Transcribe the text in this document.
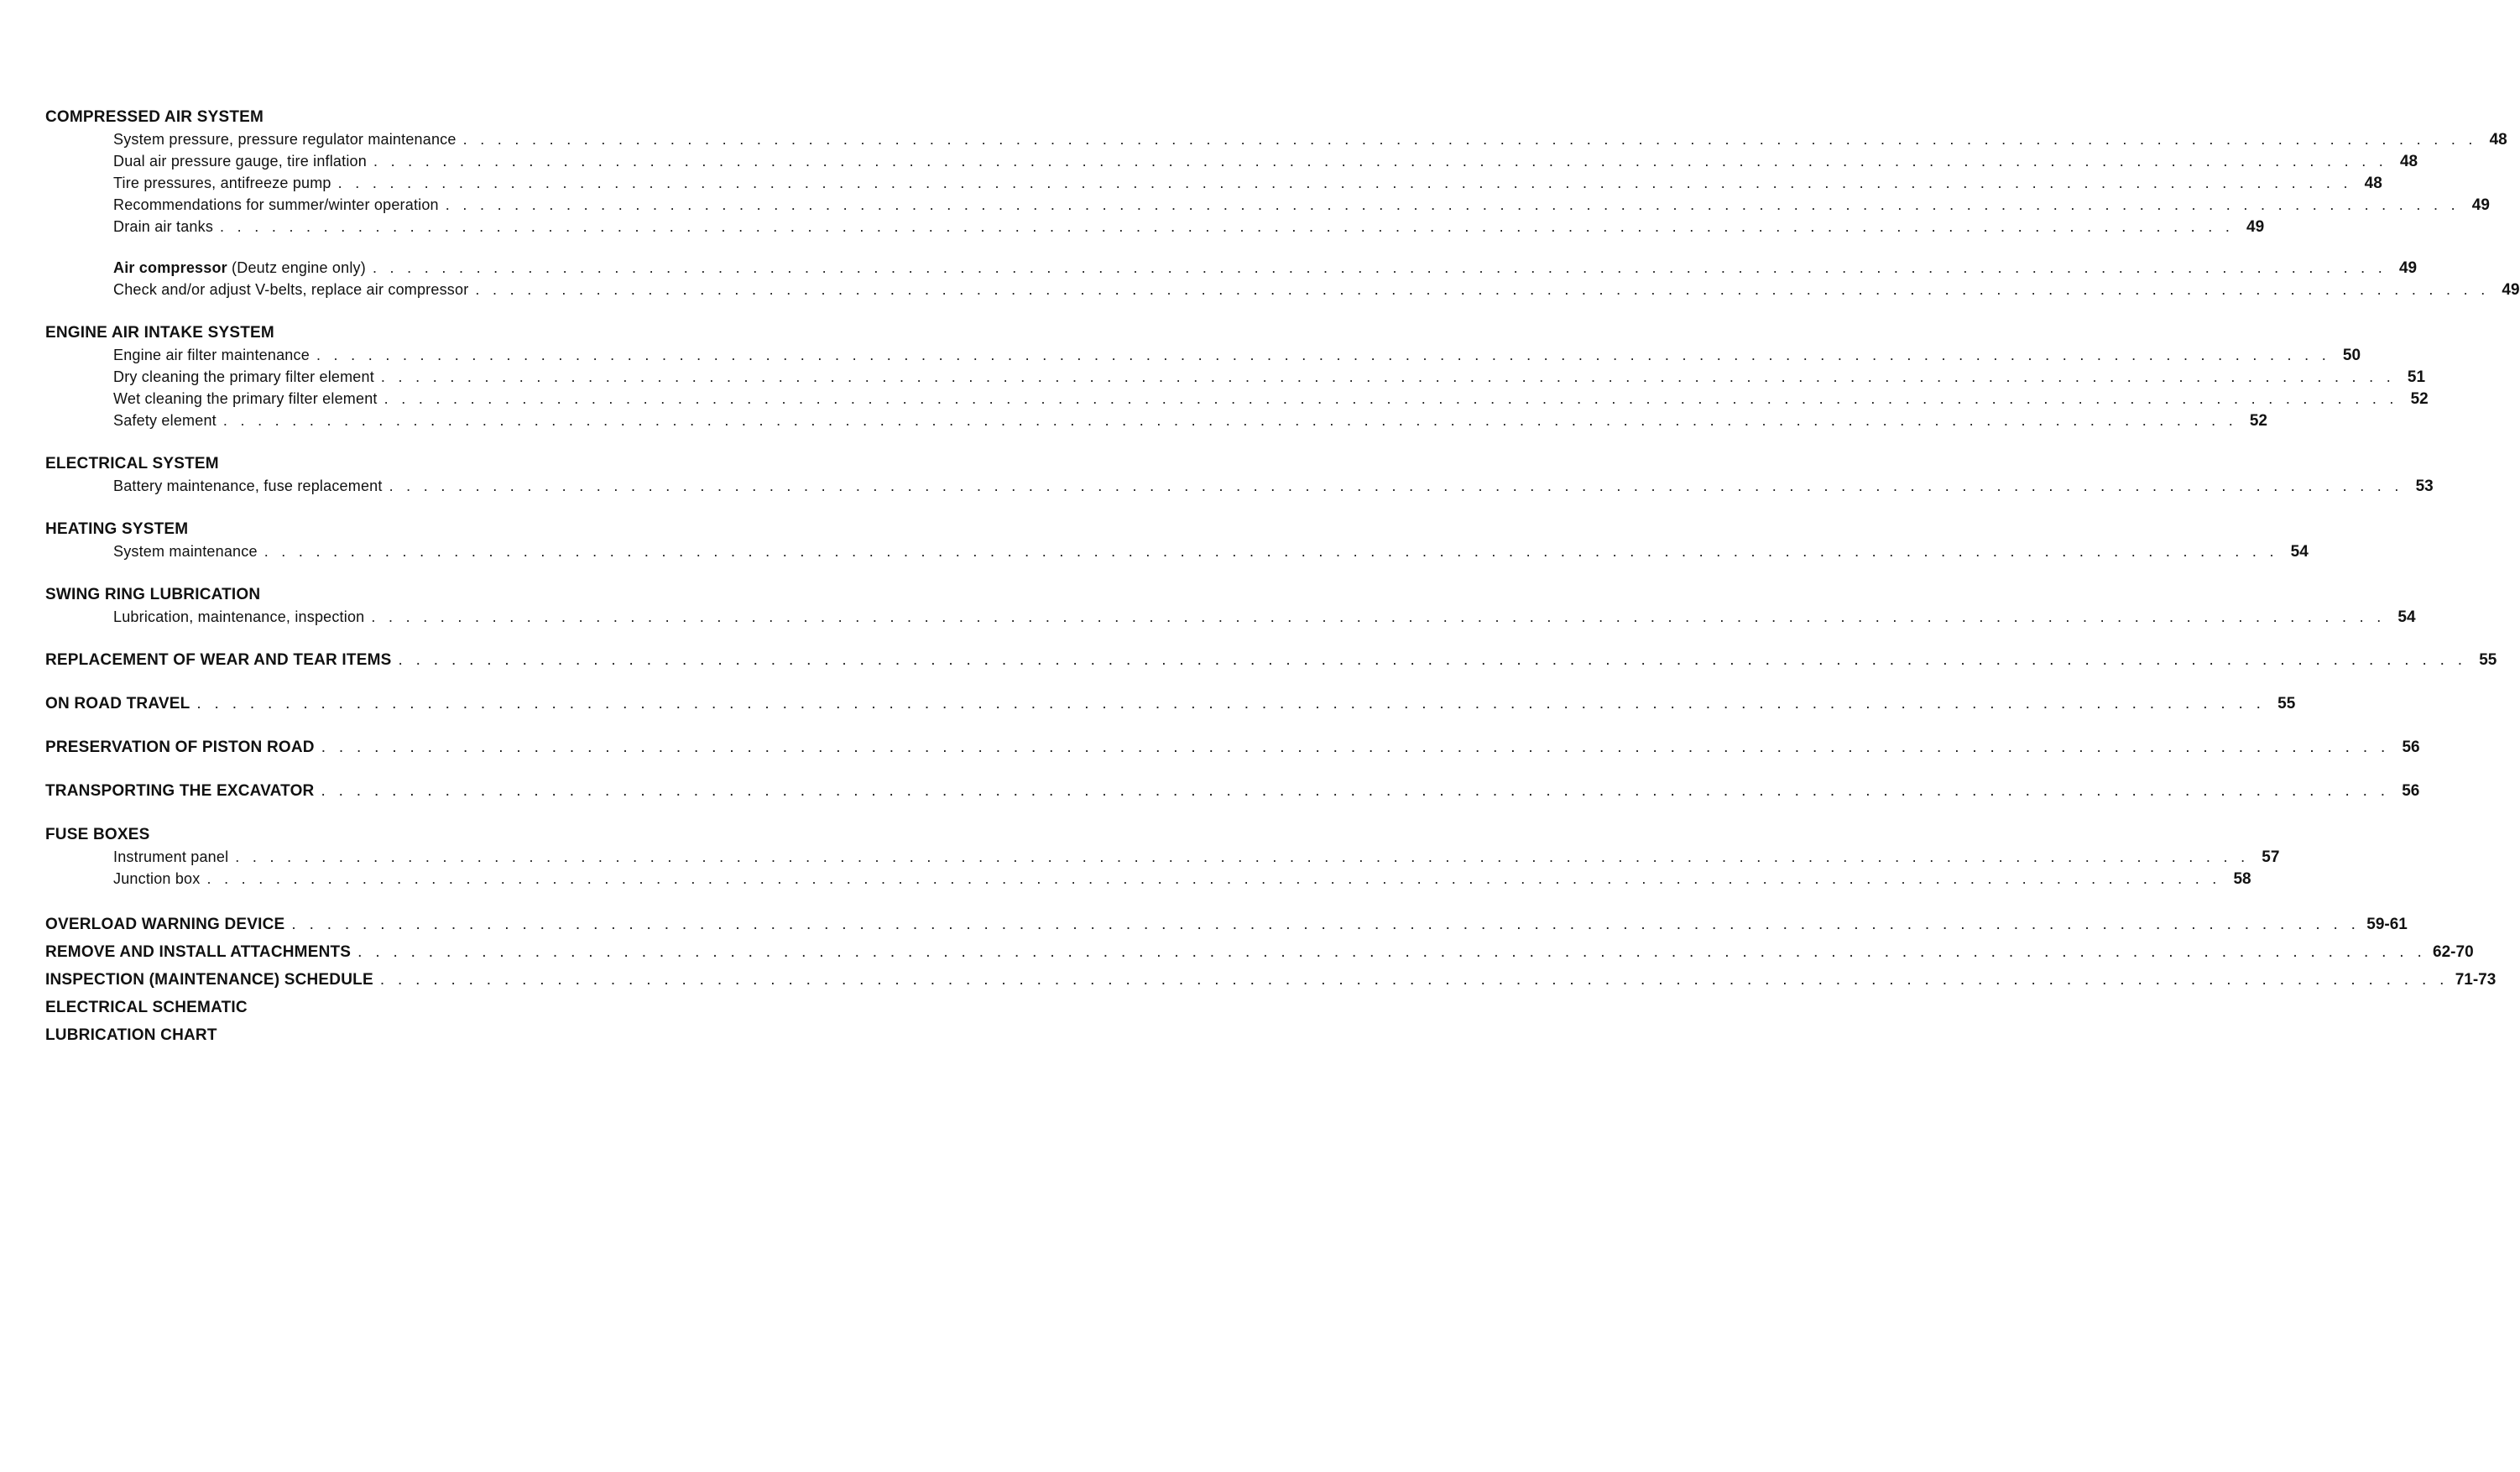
COMPRESSED AIR SYSTEM
System pressure, pressure regulator maintenance . . . . . . . . . . . . . . . . . . . . . . . . . . . . . . . . . . . . . . . . . . . . . . . . . . . . . . . . . . . . . . . . . . . . . . . . . . . . . . . . . . . . . . . . . . . . . . . . . . . . . . . . . . . . . . . . . . . . . 48
Dual air pressure gauge, tire inflation . . . . . . . . . . . . . . . . . . . . . . . . . . . . . . . . . . . . . . . . . . . . . . . . . . . . . . . . . . . . . . . . . . . . . . . . . . . . . . . . . . . . . . . . . . . . . . . . . . . . . . . . . . . . . . . . . . . . . 48
Tire pressures, antifreeze pump . . . . . . . . . . . . . . . . . . . . . . . . . . . . . . . . . . . . . . . . . . . . . . . . . . . . . . . . . . . . . . . . . . . . . . . . . . . . . . . . . . . . . . . . . . . . . . . . . . . . . . . . . . . . . . . . . . . . . 48
Recommendations for summer/winter operation . . . . . . . . . . . . . . . . . . . . . . . . . . . . . . . . . . . . . . . . . . . . . . . . . . . . . . . . . . . . . . . . . . . . . . . . . . . . . . . . . . . . . . . . . . . . . . . . . . . . . . . . . . . . . . . . . . . . . 49
Drain air tanks . . . . . . . . . . . . . . . . . . . . . . . . . . . . . . . . . . . . . . . . . . . . . . . . . . . . . . . . . . . . . . . . . . . . . . . . . . . . . . . . . . . . . . . . . . . . . . . . . . . . . . . . . . . . . . . . . . . . . 49
Air compressor (Deutz engine only) . . . . . . . . . . . . . . . . . . . . . . . . . . . . . . . . . . . . . . . . . . . . . . . . . . . . . . . . . . . . . . . . . . . . . . . . . . . . . . . . . . . . . . . . . . . . . . . . . . . . . . . . . . . . . . . . . . . . . 49
Check and/or adjust V-belts, replace air compressor . . . . . . . . . . . . . . . . . . . . . . . . . . . . . . . . . . . . . . . . . . . . . . . . . . . . . . . . . . . . . . . . . . . . . . . . . . . . . . . . . . . . . . . . . . . . . . . . . . . . . . . . . . . . . . . . . . . . . 49
ENGINE AIR INTAKE SYSTEM
Engine air filter maintenance . . . . . . . . . . . . . . . . . . . . . . . . . . . . . . . . . . . . . . . . . . . . . . . . . . . . . . . . . . . . . . . . . . . . . . . . . . . . . . . . . . . . . . . . . . . . . . . . . . . . . . . . . . . . . . . . . . . . . 50
Dry cleaning the primary filter element . . . . . . . . . . . . . . . . . . . . . . . . . . . . . . . . . . . . . . . . . . . . . . . . . . . . . . . . . . . . . . . . . . . . . . . . . . . . . . . . . . . . . . . . . . . . . . . . . . . . . . . . . . . . . . . . . . . . . 51
Wet cleaning the primary filter element . . . . . . . . . . . . . . . . . . . . . . . . . . . . . . . . . . . . . . . . . . . . . . . . . . . . . . . . . . . . . . . . . . . . . . . . . . . . . . . . . . . . . . . . . . . . . . . . . . . . . . . . . . . . . . . . . . . . . 52
Safety element . . . . . . . . . . . . . . . . . . . . . . . . . . . . . . . . . . . . . . . . . . . . . . . . . . . . . . . . . . . . . . . . . . . . . . . . . . . . . . . . . . . . . . . . . . . . . . . . . . . . . . . . . . . . . . . . . . . . . 52
ELECTRICAL SYSTEM
Battery maintenance, fuse replacement . . . . . . . . . . . . . . . . . . . . . . . . . . . . . . . . . . . . . . . . . . . . . . . . . . . . . . . . . . . . . . . . . . . . . . . . . . . . . . . . . . . . . . . . . . . . . . . . . . . . . . . . . . . . . . . . . . . . . 53
HEATING SYSTEM
System maintenance . . . . . . . . . . . . . . . . . . . . . . . . . . . . . . . . . . . . . . . . . . . . . . . . . . . . . . . . . . . . . . . . . . . . . . . . . . . . . . . . . . . . . . . . . . . . . . . . . . . . . . . . . . . . . . . . . . . . . 54
SWING RING LUBRICATION
Lubrication, maintenance, inspection . . . . . . . . . . . . . . . . . . . . . . . . . . . . . . . . . . . . . . . . . . . . . . . . . . . . . . . . . . . . . . . . . . . . . . . . . . . . . . . . . . . . . . . . . . . . . . . . . . . . . . . . . . . . . . . . . . . . . 54
REPLACEMENT OF WEAR AND TEAR ITEMS . . . . . . . . . . . . . . . . . . . . . . . . . . . . . . . . . . . . . . . . . . . . . . . . . . . . . . . . . . . . . . . . . . . . . . . . . . . . . . . . . . . . . . . . . . . . . . . . . . . . . . . . . . . . . . . . . . . . . 55
ON ROAD TRAVEL . . . . . . . . . . . . . . . . . . . . . . . . . . . . . . . . . . . . . . . . . . . . . . . . . . . . . . . . . . . . . . . . . . . . . . . . . . . . . . . . . . . . . . . . . . . . . . . . . . . . . . . . . . . . . . . . . . . . . 55
PRESERVATION OF PISTON ROAD . . . . . . . . . . . . . . . . . . . . . . . . . . . . . . . . . . . . . . . . . . . . . . . . . . . . . . . . . . . . . . . . . . . . . . . . . . . . . . . . . . . . . . . . . . . . . . . . . . . . . . . . . . . . . . . . . . . . . 56
TRANSPORTING THE EXCAVATOR . . . . . . . . . . . . . . . . . . . . . . . . . . . . . . . . . . . . . . . . . . . . . . . . . . . . . . . . . . . . . . . . . . . . . . . . . . . . . . . . . . . . . . . . . . . . . . . . . . . . . . . . . . . . . . . . . . . . . 56
FUSE BOXES
Instrument panel . . . . . . . . . . . . . . . . . . . . . . . . . . . . . . . . . . . . . . . . . . . . . . . . . . . . . . . . . . . . . . . . . . . . . . . . . . . . . . . . . . . . . . . . . . . . . . . . . . . . . . . . . . . . . . . . . . . . . 57
Junction box . . . . . . . . . . . . . . . . . . . . . . . . . . . . . . . . . . . . . . . . . . . . . . . . . . . . . . . . . . . . . . . . . . . . . . . . . . . . . . . . . . . . . . . . . . . . . . . . . . . . . . . . . . . . . . . . . . . . . 58
OVERLOAD WARNING DEVICE . . . . . . . . . . . . . . . . . . . . . . . . . . . . . . . . . . . . . . . . . . . . . . . . . . . . . . . . . . . . . . . . . . . . . . . . . . . . . . . . . . . . . . . . . . . . . . . . . . . . . . . . . . . . . . . . . . . . . 59-61
REMOVE AND INSTALL ATTACHMENTS . . . . . . . . . . . . . . . . . . . . . . . . . . . . . . . . . . . . . . . . . . . . . . . . . . . . . . . . . . . . . . . . . . . . . . . . . . . . . . . . . . . . . . . . . . . . . . . . . . . . . . . . . . . . . . . . . . . . . 62-70
INSPECTION (MAINTENANCE) SCHEDULE . . . . . . . . . . . . . . . . . . . . . . . . . . . . . . . . . . . . . . . . . . . . . . . . . . . . . . . . . . . . . . . . . . . . . . . . . . . . . . . . . . . . . . . . . . . . . . . . . . . . . . . . . . . . . . . . . . . . . 71-73
ELECTRICAL SCHEMATIC
LUBRICATION CHART
